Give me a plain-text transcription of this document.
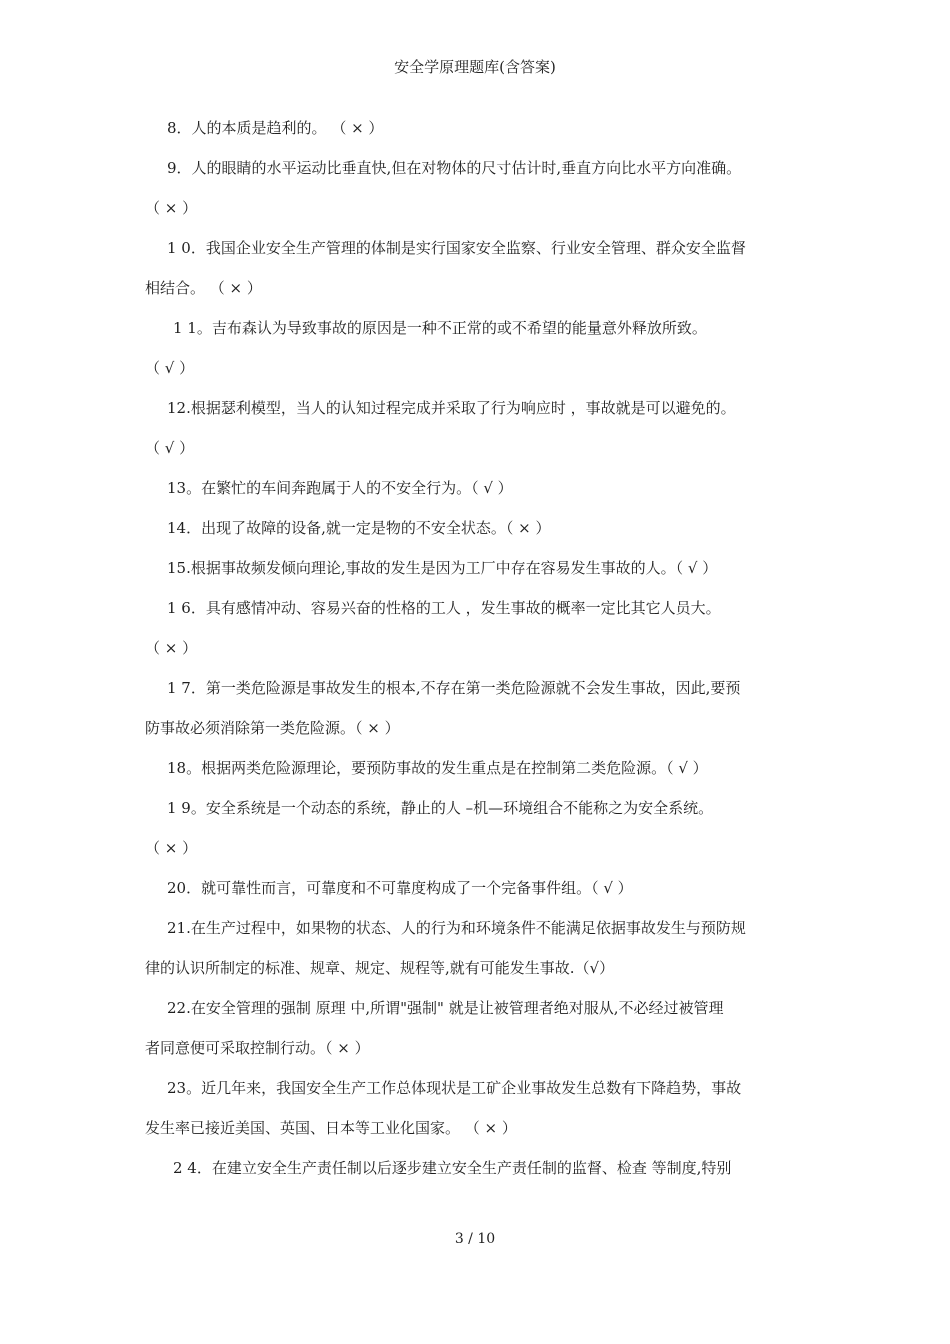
安全学原理题库(含答案)
8．人的本质是趋利的。 （ × ）
9．人的眼睛的水平运动比垂直快,但在对物体的尺寸估计时,垂直方向比水平方向准确。
（ × ）
1 0．我国企业安全生产管理的体制是实行国家安全监察、行业安全管理、群众安全监督
相结合。 （ × ）
1 1。吉布森认为导致事故的原因是一种不正常的或不希望的能量意外释放所致。
（ √ ）
12.根据瑟利模型，当人的认知过程完成并采取了行为响应时 ，事故就是可以避免的。
（ √ ）
13。在繁忙的车间奔跑属于人的不安全行为。（ √ ）
14．出现了故障的设备,就一定是物的不安全状态。（ × ）
15.根据事故频发倾向理论,事故的发生是因为工厂中存在容易发生事故的人。（ √ ）
1 6．具有感情冲动、容易兴奋的性格的工人 ，发生事故的概率一定比其它人员大。
（ × ）
1 7．第一类危险源是事故发生的根本,不存在第一类危险源就不会发生事故，因此,要预
防事故必须消除第一类危险源。（ × ）
18。根据两类危险源理论，要预防事故的发生重点是在控制第二类危险源。（ √ ）
1 9。安全系统是一个动态的系统，静止的人 –机—环境组合不能称之为安全系统。
（ × ）
20．就可靠性而言，可靠度和不可靠度构成了一个完备事件组。（ √ ）
21.在生产过程中，如果物的状态、人的行为和环境条件不能满足依据事故发生与预防规
律的认识所制定的标准、规章、规定、规程等,就有可能发生事故.（√）
22.在安全管理的强制 原理 中,所谓"强制" 就是让被管理者绝对服从,不必经过被管理
者同意便可采取控制行动。（ × ）
23。近几年来，我国安全生产工作总体现状是工矿企业事故发生总数有下降趋势，事故
发生率已接近美国、英国、日本等工业化国家。 （ × ）
2 4．在建立安全生产责任制以后逐步建立安全生产责任制的监督、检查 等制度,特别
3 / 10
